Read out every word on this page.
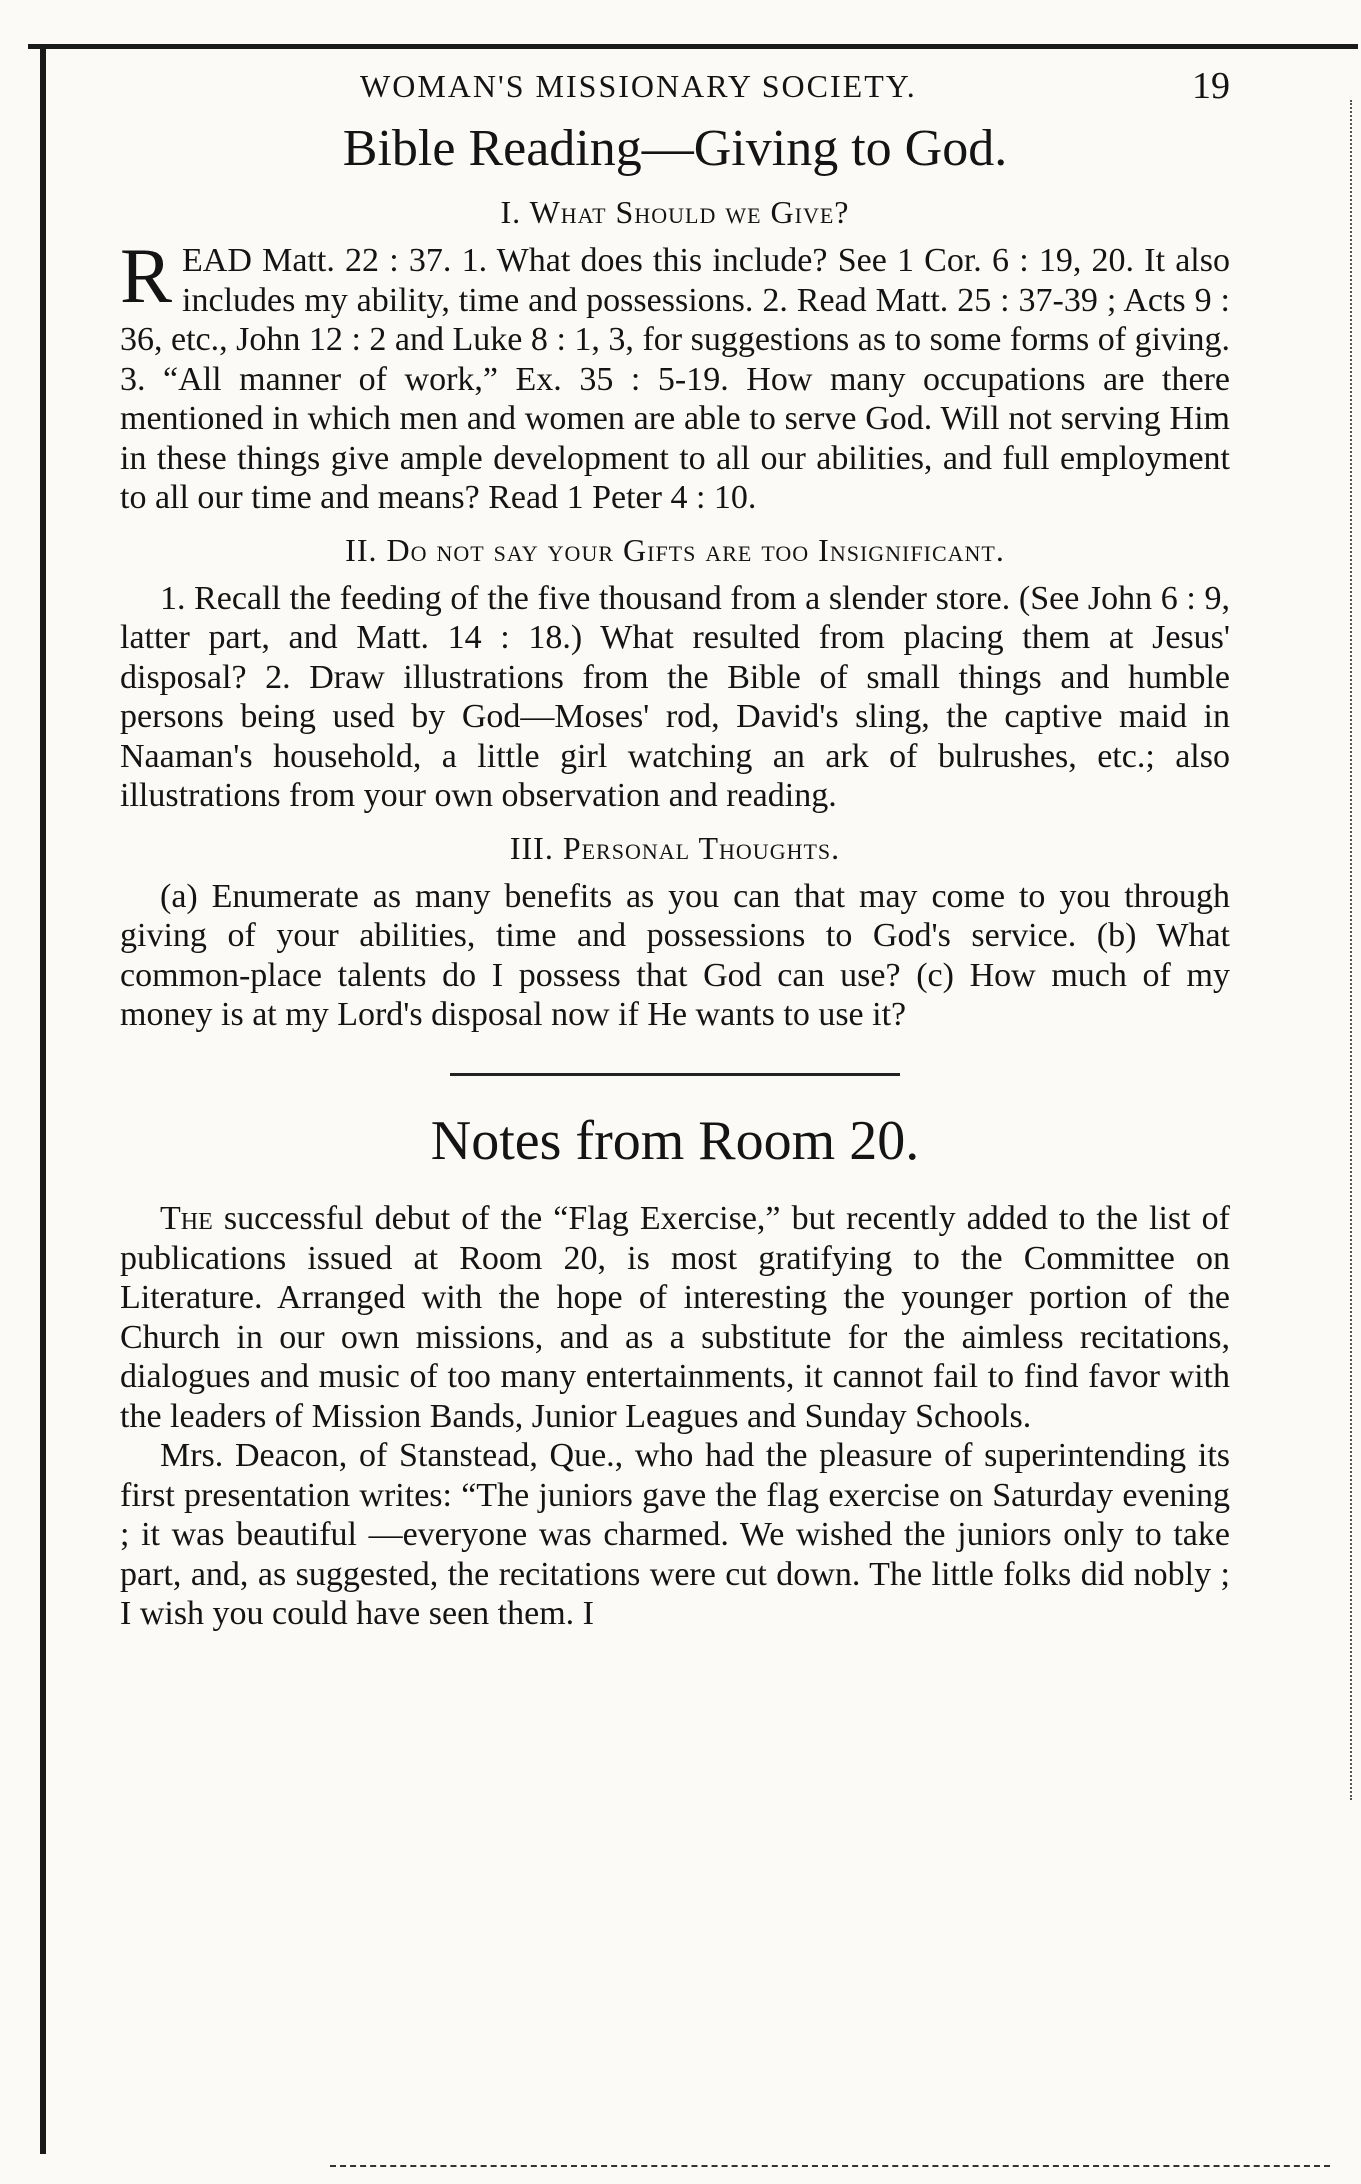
WOMAN'S MISSIONARY SOCIETY.	19
Bible Reading—Giving to God.
I. What Should we Give?

READ Matt. 22 : 37. 1. What does this include? See 1 Cor. 6 : 19, 20. It also includes my ability, time and possessions. 2. Read Matt. 25 : 37-39 ; Acts 9 : 36, etc., John 12 : 2 and Luke 8 : 1, 3, for suggestions as to some forms of giving. 3. “All manner of work,” Ex. 35 : 5-19. How many occupations are there mentioned in which men and women are able to serve God. Will not serving Him in these things give ample development to all our abilities, and full employment to all our time and means? Read 1 Peter 4 : 10.

II. Do not say your Gifts are too Insignificant.

1. Recall the feeding of the five thousand from a slender store. (See John 6 : 9, latter part, and Matt. 14 : 18.) What resulted from placing them at Jesus' disposal? 2. Draw illustrations from the Bible of small things and humble persons being used by God—Moses' rod, David's sling, the captive maid in Naaman's household, a little girl watching an ark of bulrushes, etc.; also illustrations from your own observation and reading.

III. Personal Thoughts.

(a) Enumerate as many benefits as you can that may come to you through giving of your abilities, time and possessions to God's service. (b) What common-place talents do I possess that God can use? (c) How much of my money is at my Lord's disposal now if He wants to use it?

Notes from Room 20.

The successful debut of the “Flag Exercise,” but recently added to the list of publications issued at Room 20, is most gratifying to the Committee on Literature. Arranged with the hope of interesting the younger portion of the Church in our own missions, and as a substitute for the aimless recitations, dialogues and music of too many entertainments, it cannot fail to find favor with the leaders of Mission Bands, Junior Leagues and Sunday Schools.

Mrs. Deacon, of Stanstead, Que., who had the pleasure of superintending its first presentation writes: “The juniors gave the flag exercise on Saturday evening ; it was beautiful —everyone was charmed. We wished the juniors only to take part, and, as suggested, the recitations were cut down. The little folks did nobly ; I wish you could have seen them. I
